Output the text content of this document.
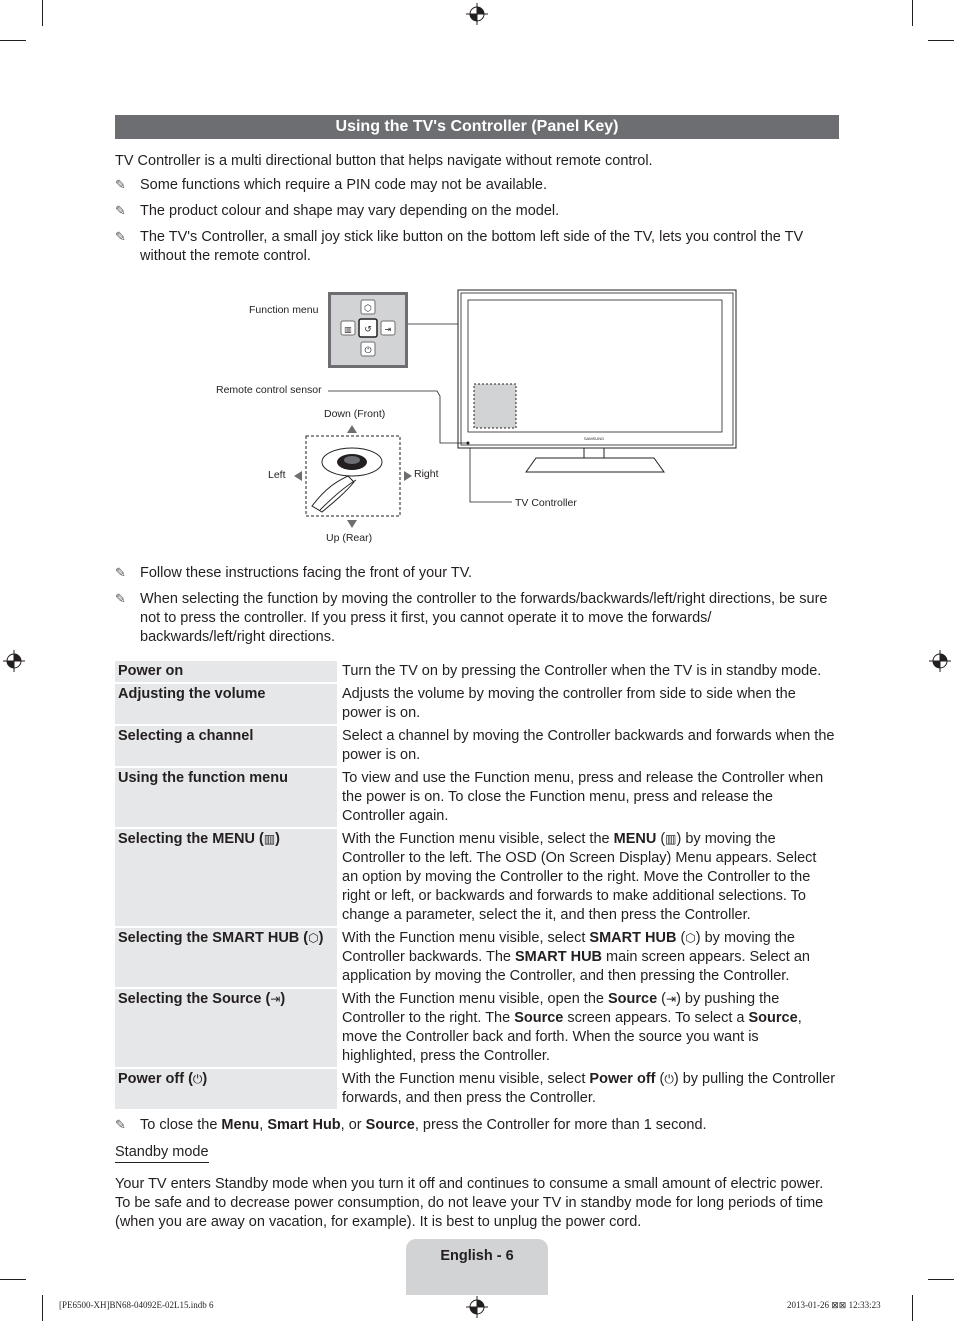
Using the TV's Controller (Panel Key)
TV Controller is a multi directional button that helps navigate without remote control.
✎ Some functions which require a PIN code may not be available.
✎ The product colour and shape may vary depending on the model.
✎ The TV's Controller, a small joy stick like button on the bottom left side of the TV, lets you control the TV without the remote control.
⬡
▥ ↺ ⇥
⏻
SAMSUNG
Function menu
Remote control sensor
Down (Front)
Left	Right
Up (Rear)
TV Controller
✎ Follow these instructions facing the front of your TV.
✎ When selecting the function by moving the controller to the forwards/backwards/left/right directions, be sure not to press the controller. If you press it first, you cannot operate it to move the forwards/ backwards/left/right directions.
Power on	Turn the TV on by pressing the Controller when the TV is in standby mode.
Adjusting the volume	Adjusts the volume by moving the controller from side to side when the power is on.
Selecting a channel	Select a channel by moving the Controller backwards and forwards when the power is on.
Using the function menu	To view and use the Function menu, press and release the Controller when the power is on. To close the Function menu, press and release the Controller again.
Selecting the MENU (▥)	With the Function menu visible, select the MENU (▥) by moving the Controller to the left. The OSD (On Screen Display) Menu appears. Select an option by moving the Controller to the right. Move the Controller to the right or left, or backwards and forwards to make additional selections. To change a parameter, select the it, and then press the Controller.
Selecting the SMART HUB (⬡)	With the Function menu visible, select SMART HUB (⬡) by moving the Controller backwards. The SMART HUB main screen appears. Select an application by moving the Controller, and then pressing the Controller.
Selecting the Source (⇥)	With the Function menu visible, open the Source (⇥) by pushing the Controller to the right. The Source screen appears. To select a Source, move the Controller back and forth. When the source you want is highlighted, press the Controller.
Power off (⏻)	With the Function menu visible, select Power off (⏻) by pulling the Controller forwards, and then press the Controller.
✎ To close the Menu, Smart Hub, or Source, press the Controller for more than 1 second.
Standby mode
Your TV enters Standby mode when you turn it off and continues to consume a small amount of electric power. To be safe and to decrease power consumption, do not leave your TV in standby mode for long periods of time (when you are away on vacation, for example). It is best to unplug the power cord.
English - 6
[PE6500-XH]BN68-04092E-02L15.indb 6	2013-01-26 ⊠⊠ 12:33:23
